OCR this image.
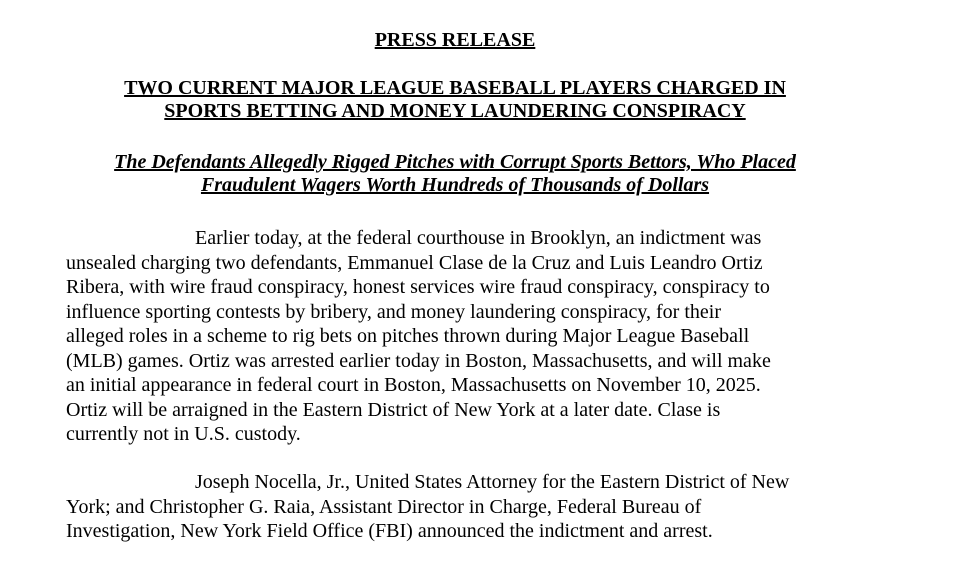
PRESS RELEASE

TWO CURRENT MAJOR LEAGUE BASEBALL PLAYERS CHARGED IN
SPORTS BETTING AND MONEY LAUNDERING CONSPIRACY

The Defendants Allegedly Rigged Pitches with Corrupt Sports Bettors, Who Placed
Fraudulent Wagers Worth Hundreds of Thousands of Dollars

Earlier today, at the federal courthouse in Brooklyn, an indictment was
unsealed charging two defendants, Emmanuel Clase de la Cruz and Luis Leandro Ortiz
Ribera, with wire fraud conspiracy, honest services wire fraud conspiracy, conspiracy to
influence sporting contests by bribery, and money laundering conspiracy, for their
alleged roles in a scheme to rig bets on pitches thrown during Major League Baseball
(MLB) games. Ortiz was arrested earlier today in Boston, Massachusetts, and will make
an initial appearance in federal court in Boston, Massachusetts on November 10, 2025.
Ortiz will be arraigned in the Eastern District of New York at a later date. Clase is
currently not in U.S. custody.
Joseph Nocella, Jr., United States Attorney for the Eastern District of New
York; and Christopher G. Raia, Assistant Director in Charge, Federal Bureau of
Investigation, New York Field Office (FBI) announced the indictment and arrest.
